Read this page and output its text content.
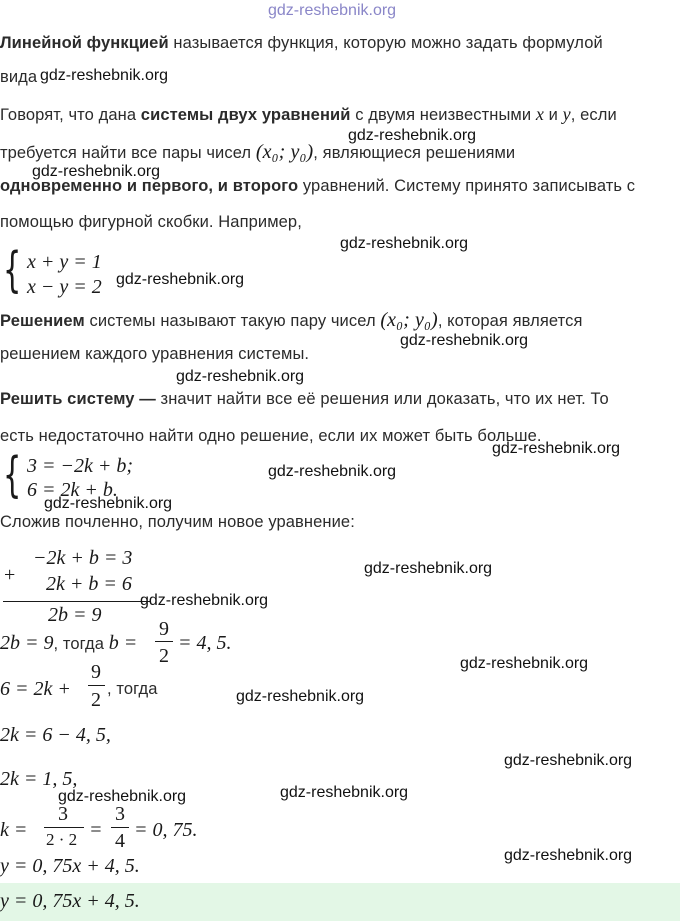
gdz-reshebnik.org
Линейной функцией называется функция, которую можно задать формулой
вида gdz-reshebnik.org
Говорят, что дана системы двух уравнений с двумя неизвестными x и y, если
gdz-reshebnik.org
требуется найти все пары чисел (x₀; y₀), являющиеся решениями
gdz-reshebnik.org
одновременно и первого, и второго уравнений. Систему принято записывать с
помощью фигурной скобки. Например,
{ x + y = 1
x − y = 2
gdz-reshebnik.org
gdz-reshebnik.org
Решением системы называют такую пару чисел (x₀; y₀), которая является
gdz-reshebnik.org
решением каждого уравнения системы.
gdz-reshebnik.org
Решить систему — значит найти все её решения или доказать, что их нет. То
есть недостаточно найти одно решение, если их может быть больше.
gdz-reshebnik.org
{ 3 = −2k + b;
6 = 2k + b.
gdz-reshebnik.org
gdz-reshebnik.org
Сложив почленно, получим новое уравнение:
+
−2k + b = 3
2k + b = 6
2b = 9
gdz-reshebnik.org
gdz-reshebnik.org
2b = 9, тогда b =
9
2
= 4, 5.
gdz-reshebnik.org
6 = 2k +
9
2 , тогда	gdz-reshebnik.org
2k = 6 − 4, 5,
gdz-reshebnik.org
2k = 1, 5,
gdz-reshebnik.org	gdz-reshebnik.org
k =
3
2 · 2 =
3
4 = 0, 75.
y = 0, 75x + 4, 5.	gdz-reshebnik.org
y = 0, 75x + 4, 5.
